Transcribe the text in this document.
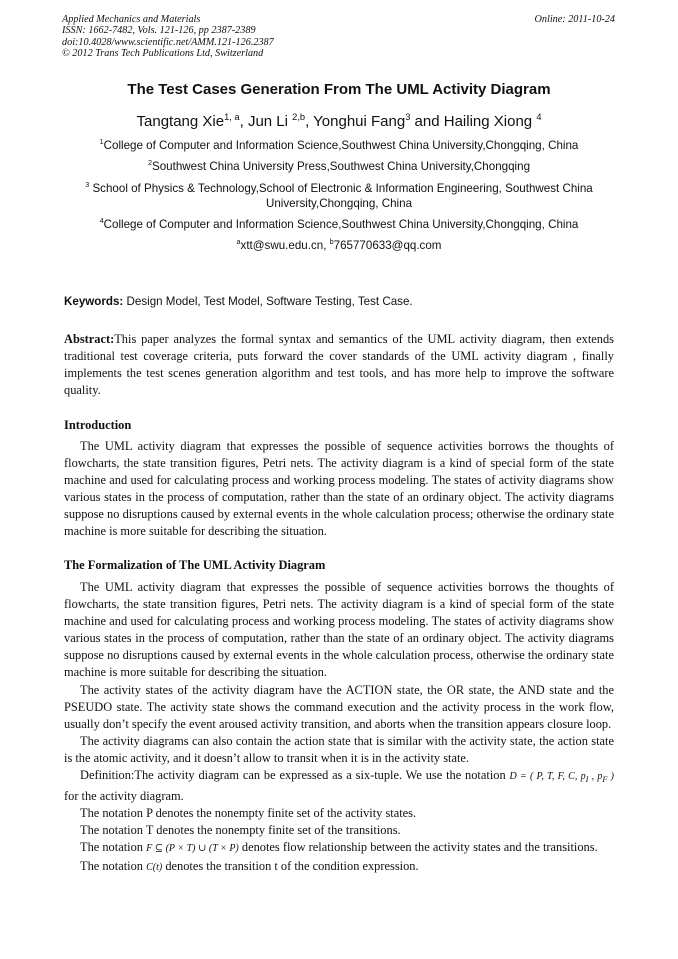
Applied Mechanics and Materials
ISSN: 1662-7482, Vols. 121-126, pp 2387-2389
doi:10.4028/www.scientific.net/AMM.121-126.2387
© 2012 Trans Tech Publications Ltd, Switzerland
Online: 2011-10-24
The Test Cases Generation From The UML Activity Diagram
Tangtang Xie$^{1, a}$, Jun Li $^{2,b}$, Yonghui Fang$^3$ and Hailing Xiong $^4$
$^1$College of Computer and Information Science,Southwest China University,Chongqing, China
$^2$Southwest China University Press,Southwest China University,Chongqing
$^3$ School of Physics & Technology,School of Electronic & Information Engineering, Southwest China University,Chongqing, China
$^4$College of Computer and Information Science,Southwest China University,Chongqing, China
$^a$xtt@swu.edu.cn, $^b$765770633@qq.com
Keywords: Design Model, Test Model, Software Testing, Test Case.

Abstract:This paper analyzes the formal syntax and semantics of the UML activity diagram, then extends traditional test coverage criteria, puts forward the cover standards of the UML activity diagram , finally implements the test scenes generation algorithm and test tools, and has more help to improve the software quality.

Introduction

The UML activity diagram that expresses the possible of sequence activities borrows the thoughts of flowcharts, the state transition figures, Petri nets. The activity diagram is a kind of special form of the state machine and used for calculating process and working process modeling. The states of activity diagrams show various states in the process of computation, rather than the state of an ordinary object. The activity diagrams suppose no disruptions caused by external events in the whole calculation process; otherwise the ordinary state machine is more suitable for describing the situation.

The Formalization of The UML Activity Diagram

The UML activity diagram that expresses the possible of sequence activities borrows the thoughts of flowcharts, the state transition figures, Petri nets. The activity diagram is a kind of special form of the state machine and used for calculating process and working process modeling. The states of activity diagrams show various states in the process of computation, rather than the state of an ordinary object. The activity diagrams suppose no disruptions caused by external events in the whole calculation process, otherwise the ordinary state machine is more suitable for describing the situation.

The activity states of the activity diagram have the ACTION state, the OR state, the AND state and the PSEUDO state. The activity state shows the command execution and the activity process in the work flow, usually don’t specify the event aroused activity transition, and aborts when the transition appears closure loop.

The activity diagrams can also contain the action state that is similar with the activity state, the action state is the atomic activity, and it doesn’t allow to transit when it is in the activity state.

Definition:The activity diagram can be expressed as a six-tuple. We use the notation D = ( P, T, F, C, $p_I$ , $p_F$ ) for the activity diagram.

The notation P denotes the nonempty finite set of the activity states.

The notation T denotes the nonempty finite set of the transitions.

The notation F ⊆ (P × T) ∪ (T × P) denotes flow relationship between the activity states and the transitions.

The notation C(t) denotes the transition t of the condition expression.
